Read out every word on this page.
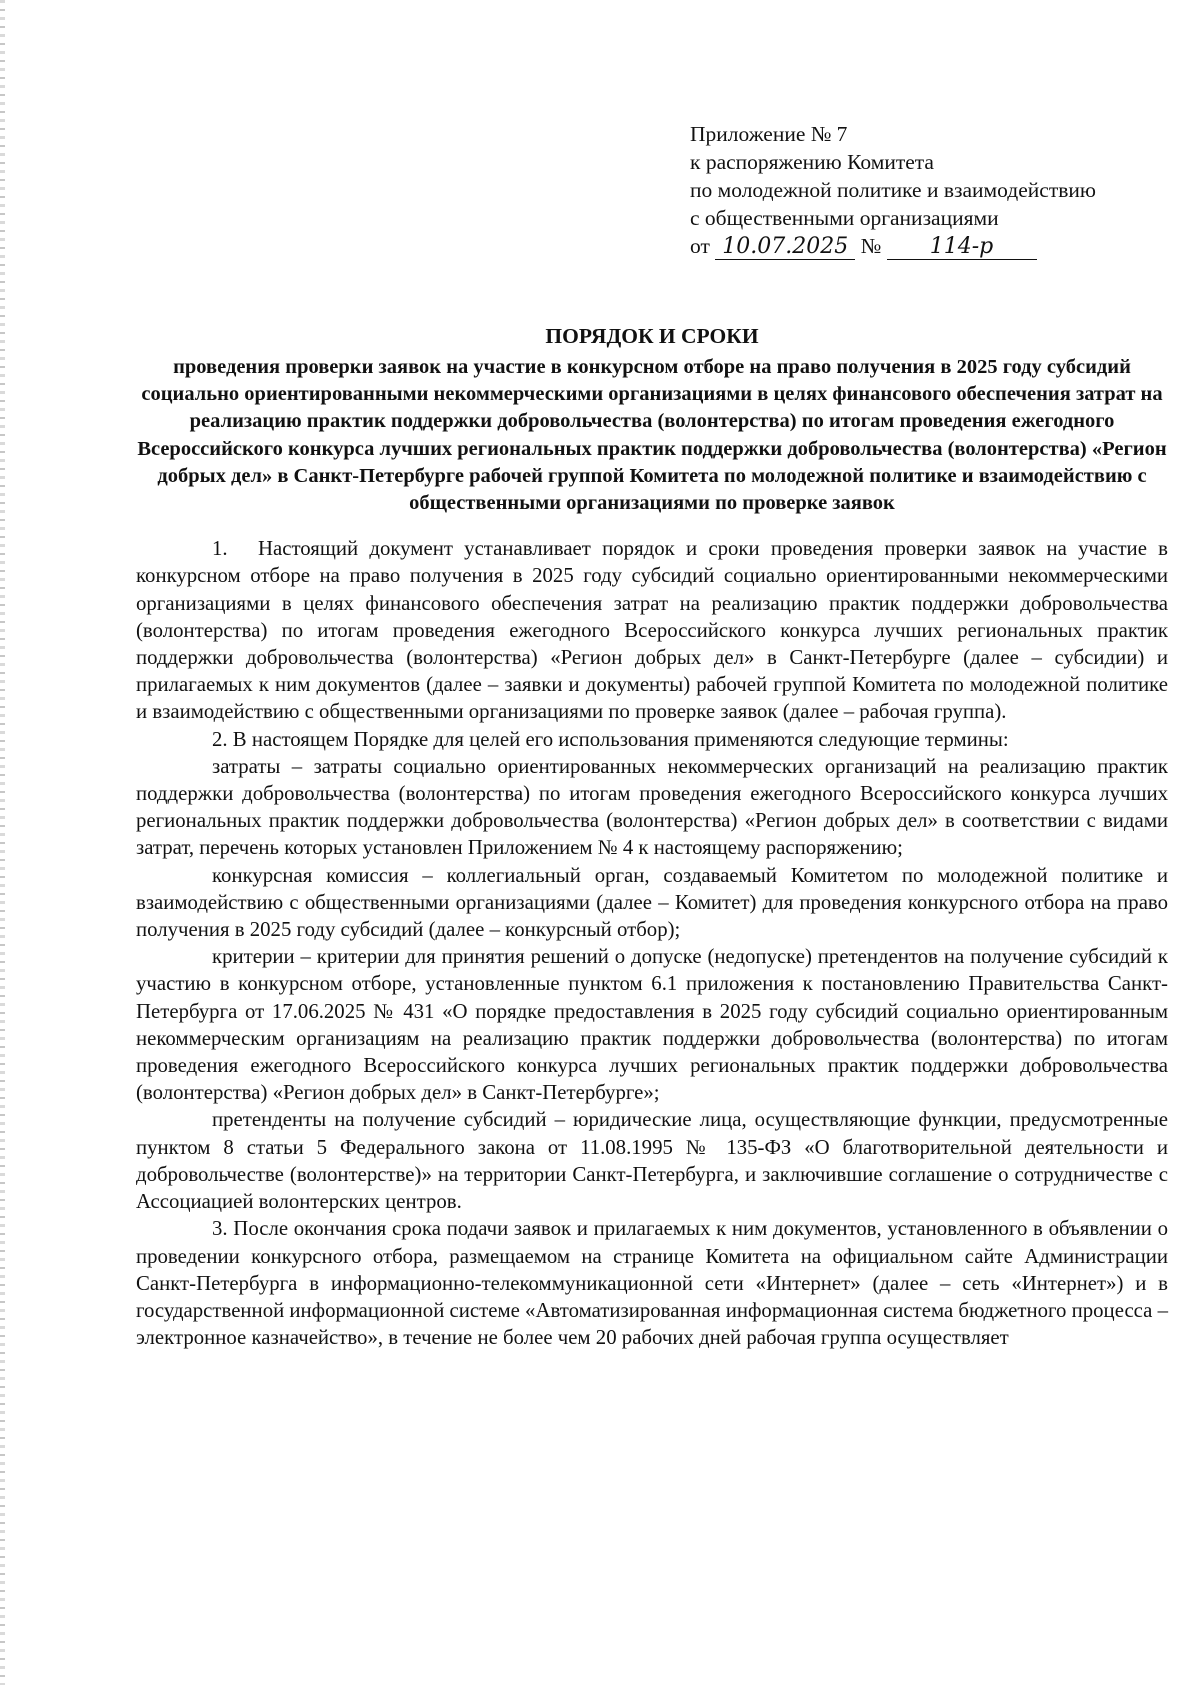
Приложение № 7
к распоряжению Комитета
по молодежной политике и взаимодействию
с общественными организациями
от 10.07.2025 № 114-р
ПОРЯДОК И СРОКИ
проведения проверки заявок на участие в конкурсном отборе на право получения в 2025 году субсидий социально ориентированными некоммерческими организациями в целях финансового обеспечения затрат на реализацию практик поддержки добровольчества (волонтерства) по итогам проведения ежегодного Всероссийского конкурса лучших региональных практик поддержки добровольчества (волонтерства) «Регион добрых дел» в Санкт-Петербурге рабочей группой Комитета по молодежной политике и взаимодействию с общественными организациями по проверке заявок

1. Настоящий документ устанавливает порядок и сроки проведения проверки заявок на участие в конкурсном отборе на право получения в 2025 году субсидий социально ориентированными некоммерческими организациями в целях финансового обеспечения затрат на реализацию практик поддержки добровольчества (волонтерства) по итогам проведения ежегодного Всероссийского конкурса лучших региональных практик поддержки добровольчества (волонтерства) «Регион добрых дел» в Санкт-Петербурге (далее – субсидии) и прилагаемых к ним документов (далее – заявки и документы) рабочей группой Комитета по молодежной политике и взаимодействию с общественными организациями по проверке заявок (далее – рабочая группа).

2. В настоящем Порядке для целей его использования применяются следующие термины:

затраты – затраты социально ориентированных некоммерческих организаций на реализацию практик поддержки добровольчества (волонтерства) по итогам проведения ежегодного Всероссийского конкурса лучших региональных практик поддержки добровольчества (волонтерства) «Регион добрых дел» в соответствии с видами затрат, перечень которых установлен Приложением № 4 к настоящему распоряжению;

конкурсная комиссия – коллегиальный орган, создаваемый Комитетом по молодежной политике и взаимодействию с общественными организациями (далее – Комитет) для проведения конкурсного отбора на право получения в 2025 году субсидий (далее – конкурсный отбор);

критерии – критерии для принятия решений о допуске (недопуске) претендентов на получение субсидий к участию в конкурсном отборе, установленные пунктом 6.1 приложения к постановлению Правительства Санкт-Петербурга от 17.06.2025 № 431 «О порядке предоставления в 2025 году субсидий социально ориентированным некоммерческим организациям на реализацию практик поддержки добровольчества (волонтерства) по итогам проведения ежегодного Всероссийского конкурса лучших региональных практик поддержки добровольчества (волонтерства) «Регион добрых дел» в Санкт-Петербурге»;

претенденты на получение субсидий – юридические лица, осуществляющие функции, предусмотренные пунктом 8 статьи 5 Федерального закона от 11.08.1995 № 135-ФЗ «О благотворительной деятельности и добровольчестве (волонтерстве)» на территории Санкт-Петербурга, и заключившие соглашение о сотрудничестве с Ассоциацией волонтерских центров.

3. После окончания срока подачи заявок и прилагаемых к ним документов, установленного в объявлении о проведении конкурсного отбора, размещаемом на странице Комитета на официальном сайте Администрации Санкт-Петербурга в информационно-телекоммуникационной сети «Интернет» (далее – сеть «Интернет») и в государственной информационной системе «Автоматизированная информационная система бюджетного процесса – электронное казначейство», в течение не более чем 20 рабочих дней рабочая группа осуществляет
